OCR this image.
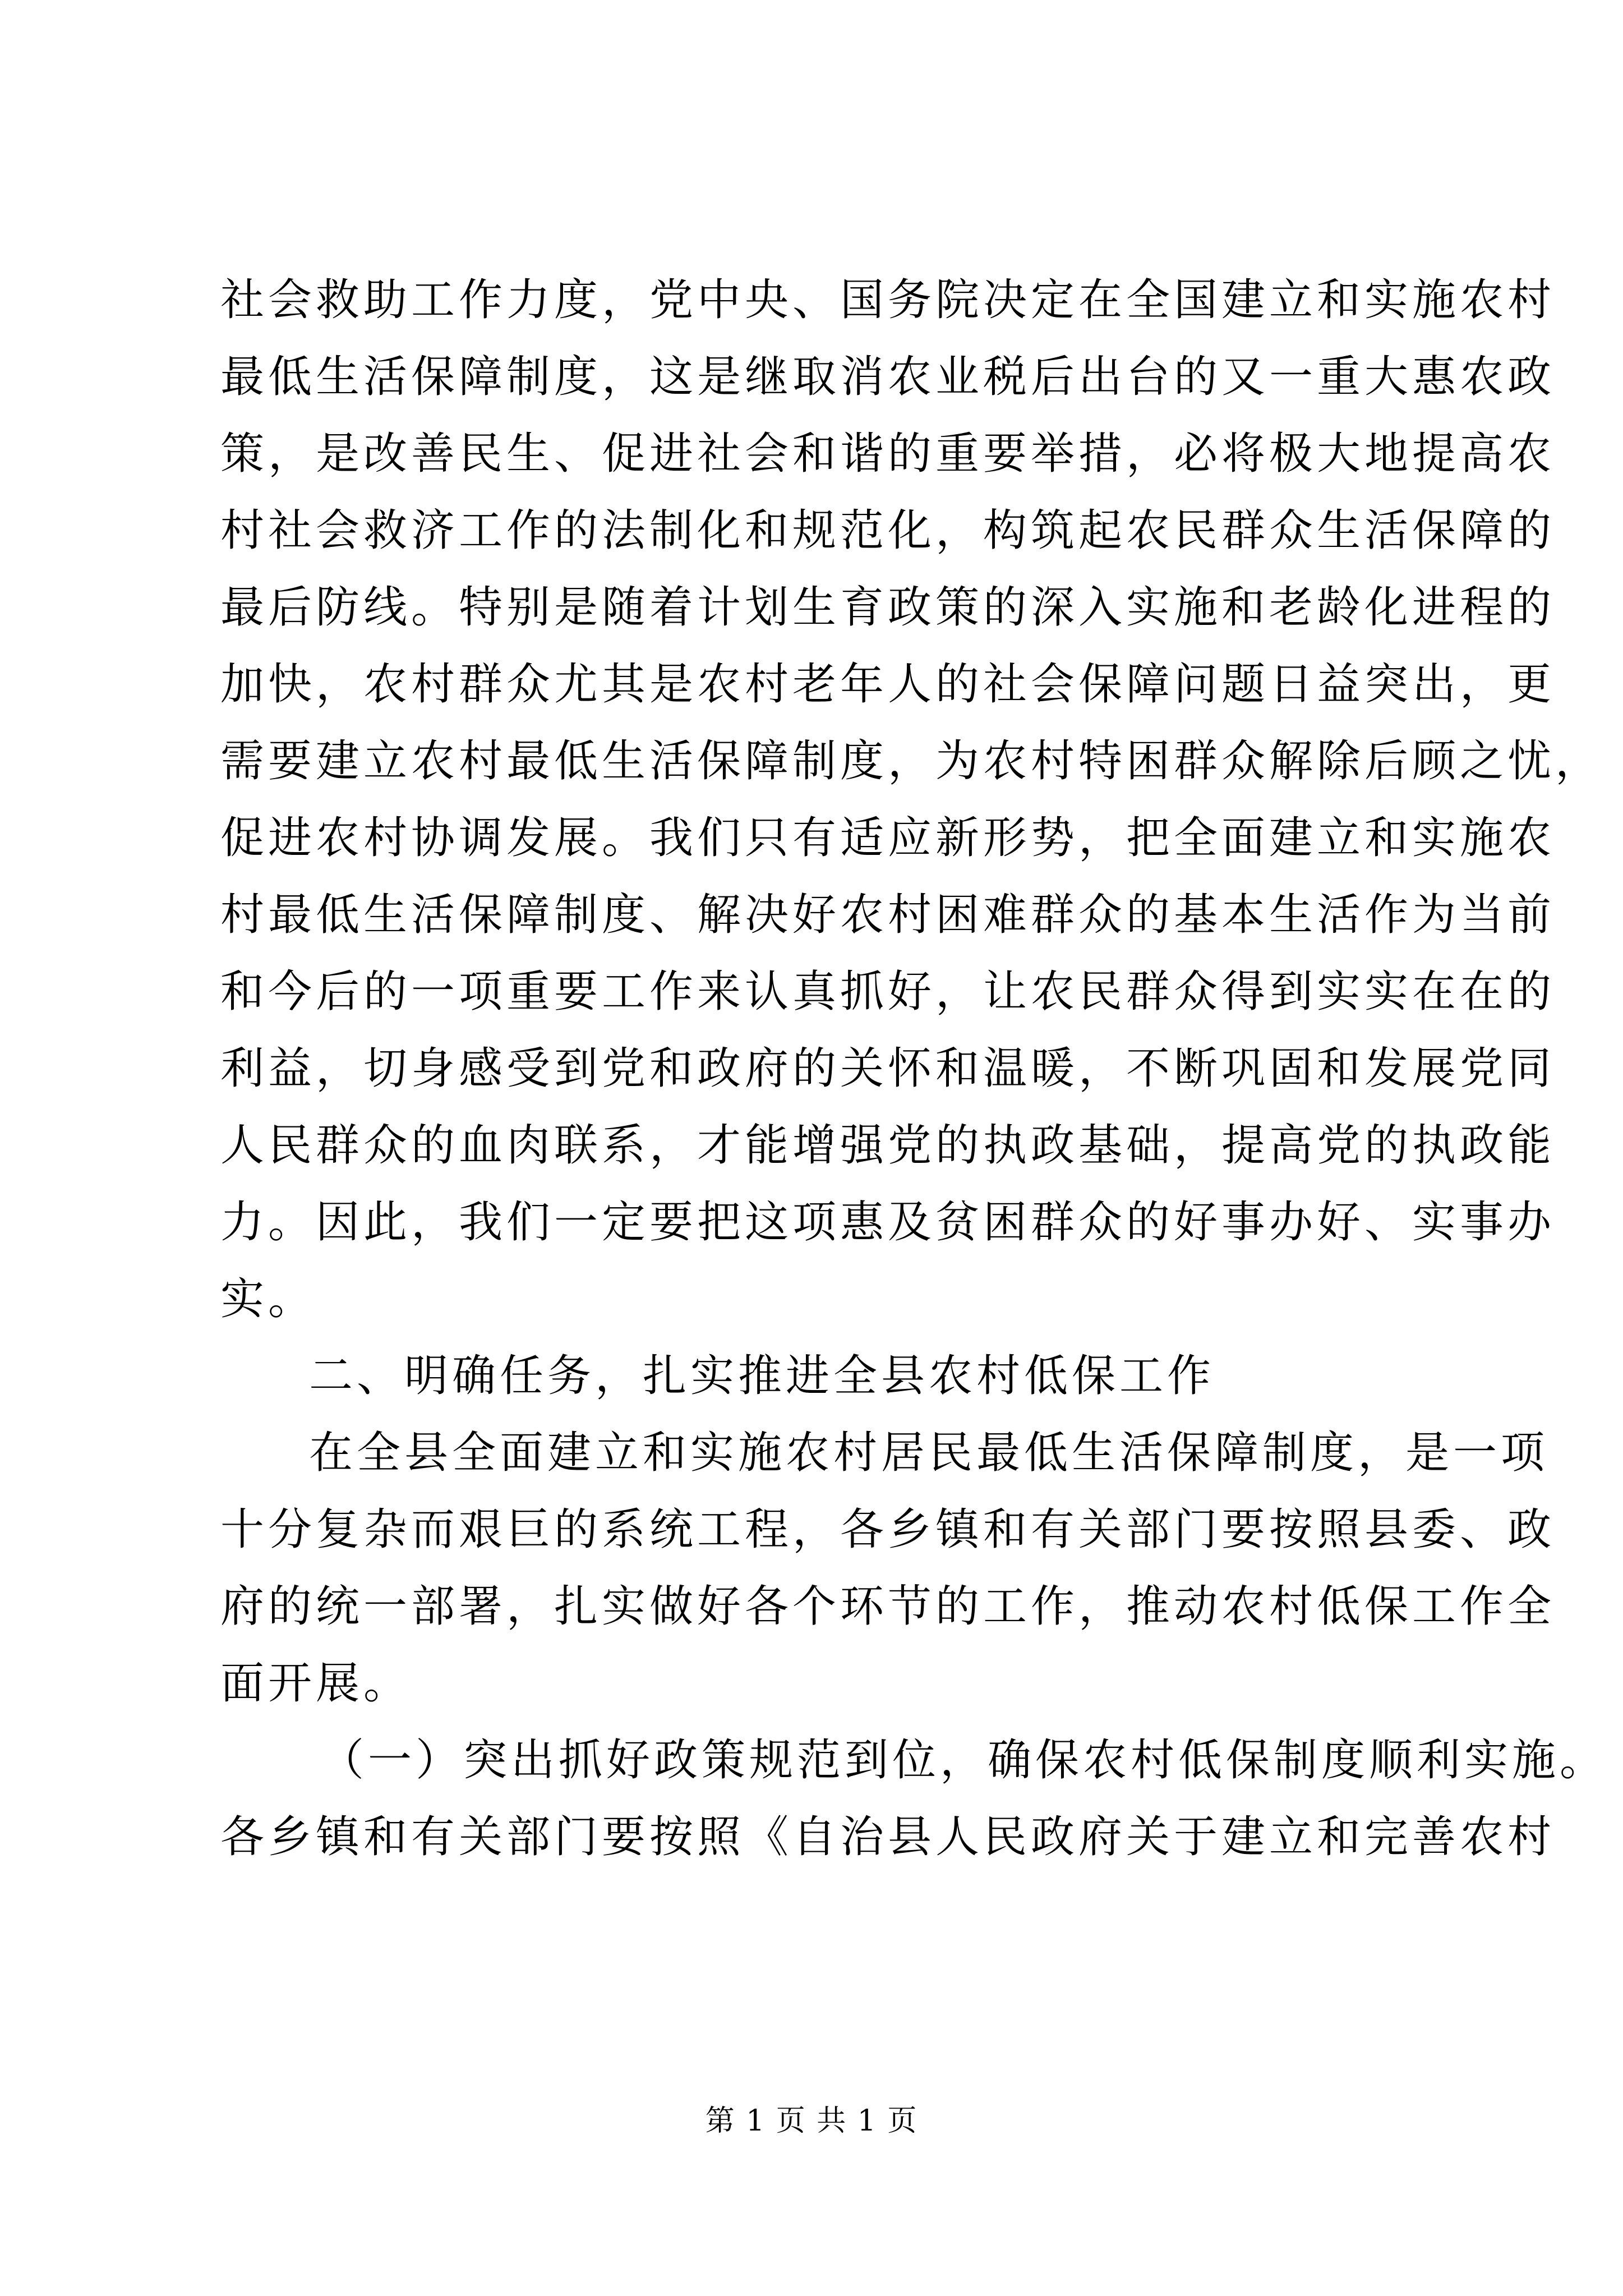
社会救助工作力度，党中央、国务院决定在全国建立和实施农村
最低生活保障制度，这是继取消农业税后出台的又一重大惠农政
策，是改善民生、促进社会和谐的重要举措，必将极大地提高农
村社会救济工作的法制化和规范化，构筑起农民群众生活保障的
最后防线。特别是随着计划生育政策的深入实施和老龄化进程的
加快，农村群众尤其是农村老年人的社会保障问题日益突出，更
需要建立农村最低生活保障制度，为农村特困群众解除后顾之忧，
促进农村协调发展。我们只有适应新形势，把全面建立和实施农
村最低生活保障制度、解决好农村困难群众的基本生活作为当前
和今后的一项重要工作来认真抓好，让农民群众得到实实在在的
利益，切身感受到党和政府的关怀和温暖，不断巩固和发展党同
人民群众的血肉联系，才能增强党的执政基础，提高党的执政能
力。因此，我们一定要把这项惠及贫困群众的好事办好、实事办
实。
二、明确任务，扎实推进全县农村低保工作
在全县全面建立和实施农村居民最低生活保障制度，是一项
十分复杂而艰巨的系统工程，各乡镇和有关部门要按照县委、政
府的统一部署，扎实做好各个环节的工作，推动农村低保工作全
面开展。
（一）突出抓好政策规范到位，确保农村低保制度顺利实施。
各乡镇和有关部门要按照《自治县人民政府关于建立和完善农村
第 1 页 共 1 页
